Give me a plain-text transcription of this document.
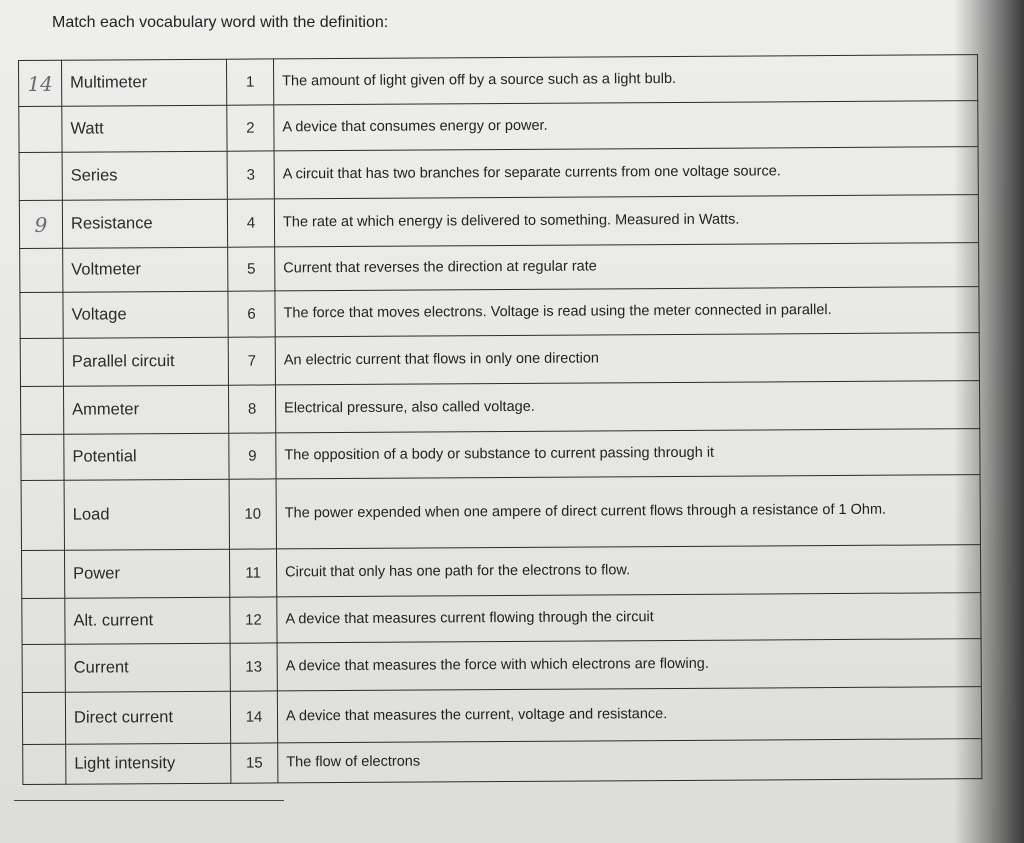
Match each vocabulary word with the definition:
14	Multimeter	1	The amount of light given off by a source such as a light bulb.
	Watt	2	A device that consumes energy or power.
	Series	3	A circuit that has two branches for separate currents from one voltage source.
9	Resistance	4	The rate at which energy is delivered to something. Measured in Watts.
	Voltmeter	5	Current that reverses the direction at regular rate
	Voltage	6	The force that moves electrons. Voltage is read using the meter connected in parallel.
	Parallel circuit	7	An electric current that flows in only one direction
	Ammeter	8	Electrical pressure, also called voltage.
	Potential	9	The opposition of a body or substance to current passing through it
	Load	10	The power expended when one ampere of direct current flows through a resistance of 1 Ohm.
	Power	11	Circuit that only has one path for the electrons to flow.
	Alt. current	12	A device that measures current flowing through the circuit
	Current	13	A device that measures the force with which electrons are flowing.
	Direct current	14	A device that measures the current, voltage and resistance.
	Light intensity	15	The flow of electrons
